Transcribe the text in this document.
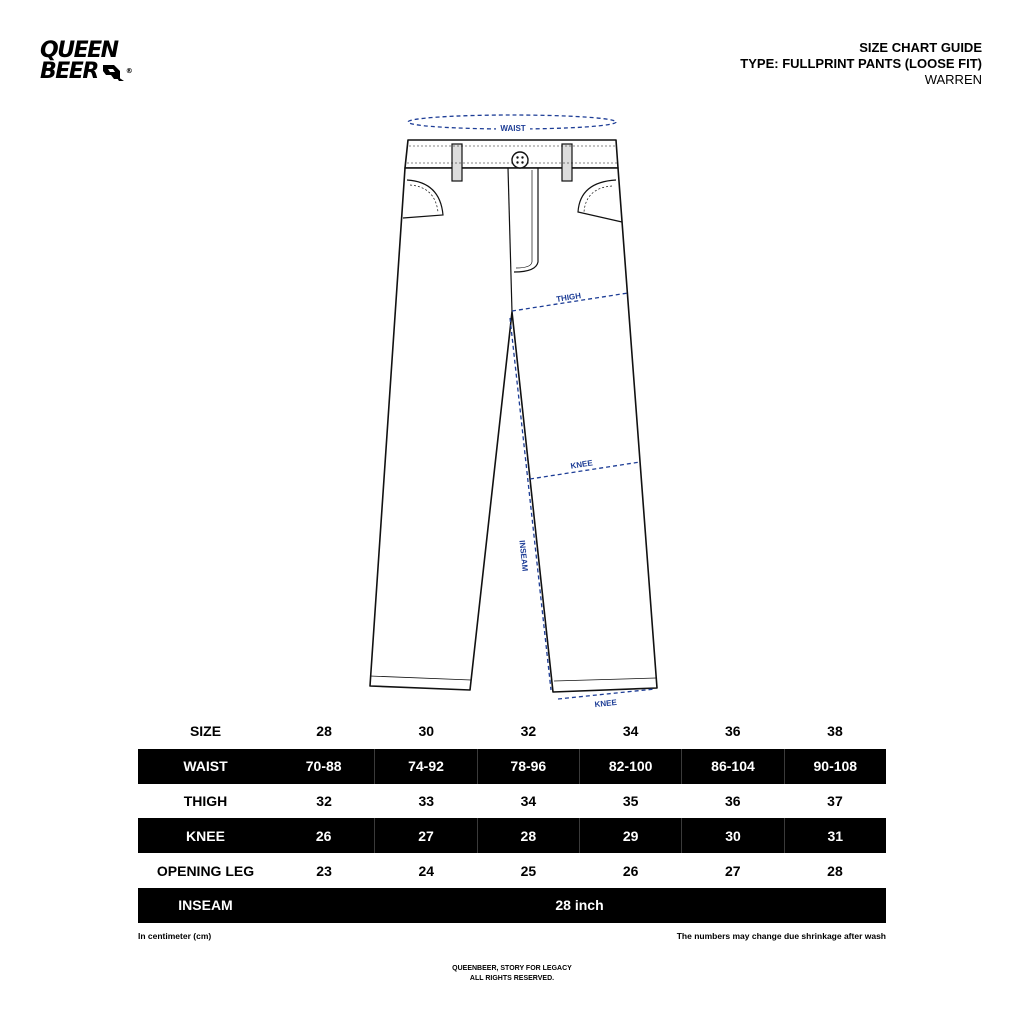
QUEEN
BEER	®
SIZE CHART GUIDE
TYPE: FULLPRINT PANTS (LOOSE FIT)
WARREN
WAIST
THIGH
KNEE
INSEAM
KNEE
SIZE	28	30	32	34	36	38
WAIST	70-88	74-92	78-96	82-100	86-104	90-108
THIGH	32	33	34	35	36	37
KNEE	26	27	28	29	30	31
OPENING LEG	23	24	25	26	27	28
INSEAM	28 inch
In centimeter (cm)	The numbers may change due shrinkage after wash
QUEENBEER, STORY FOR LEGACY
ALL RIGHTS RESERVED.
